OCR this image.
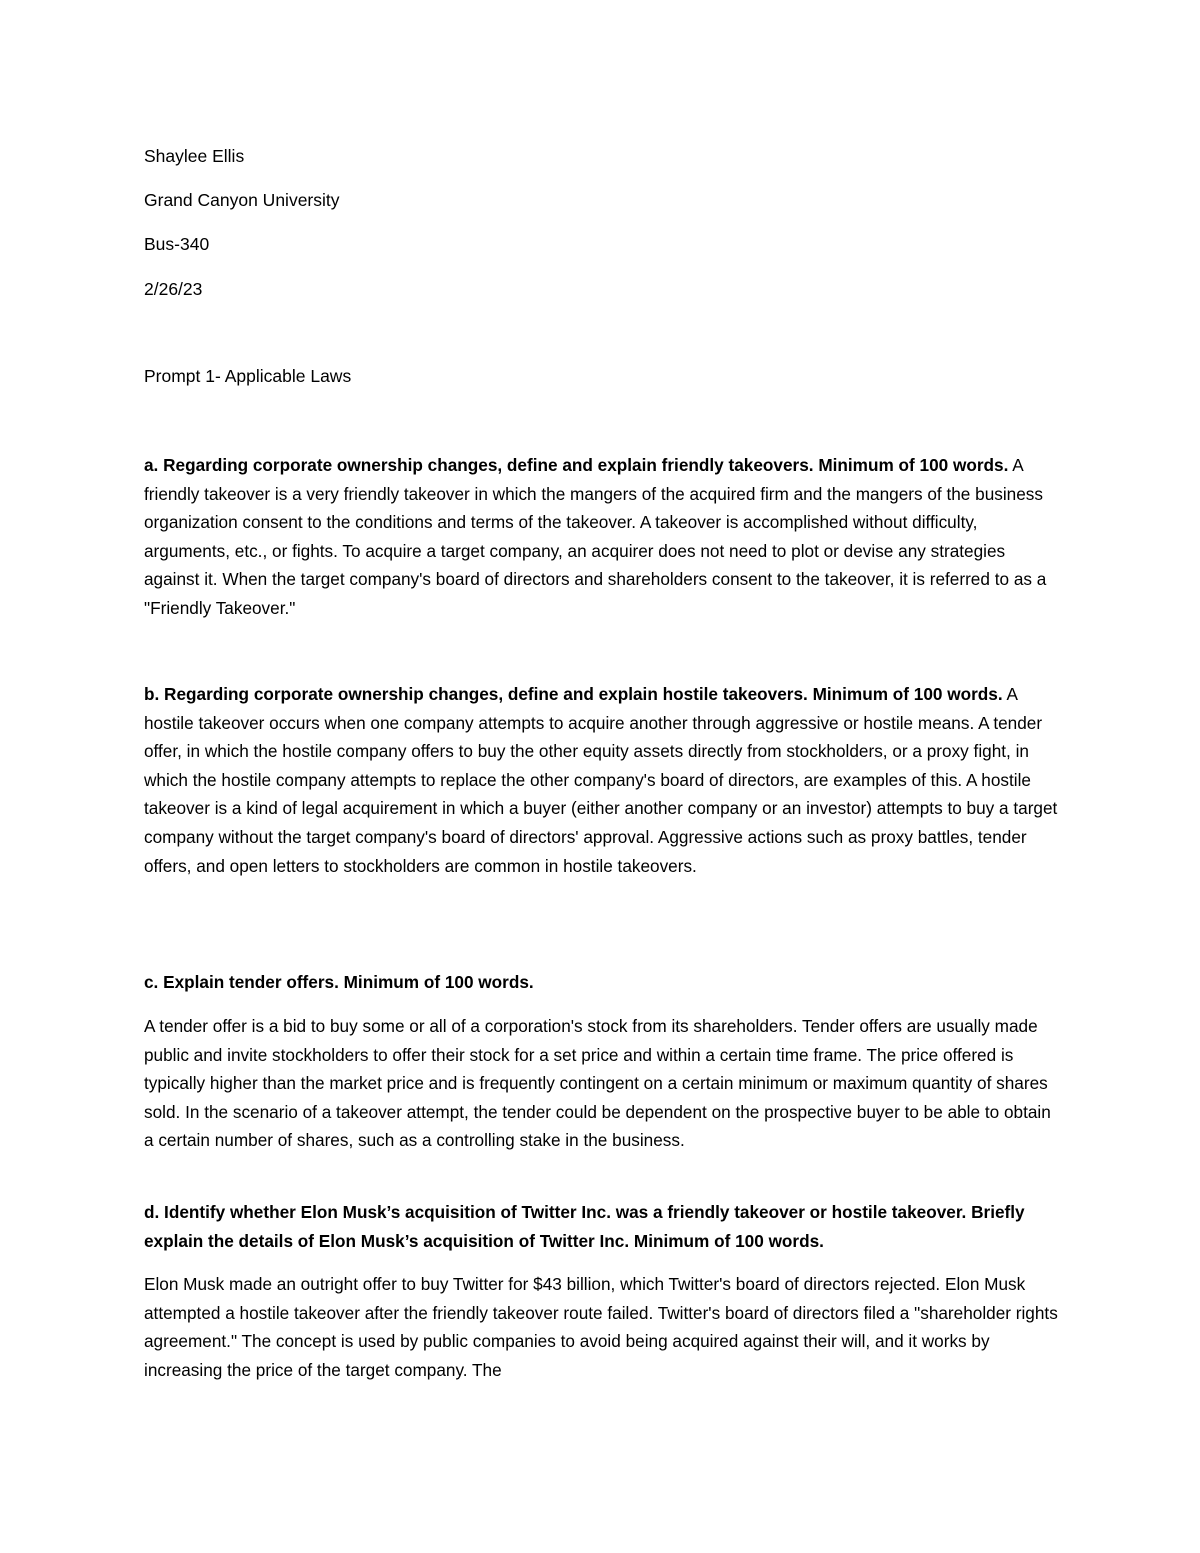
Shaylee Ellis

Grand Canyon University

Bus-340

2/26/23

Prompt 1- Applicable Laws

a. Regarding corporate ownership changes, define and explain friendly takeovers. Minimum of 100 words. A friendly takeover is a very friendly takeover in which the mangers of the acquired firm and the mangers of the business organization consent to the conditions and terms of the takeover. A takeover is accomplished without difficulty, arguments, etc., or fights. To acquire a target company, an acquirer does not need to plot or devise any strategies against it. When the target company's board of directors and shareholders consent to the takeover, it is referred to as a "Friendly Takeover."

b. Regarding corporate ownership changes, define and explain hostile takeovers. Minimum of 100 words. A hostile takeover occurs when one company attempts to acquire another through aggressive or hostile means. A tender offer, in which the hostile company offers to buy the other equity assets directly from stockholders, or a proxy fight, in which the hostile company attempts to replace the other company's board of directors, are examples of this. A hostile takeover is a kind of legal acquirement in which a buyer (either another company or an investor) attempts to buy a target company without the target company's board of directors' approval. Aggressive actions such as proxy battles, tender offers, and open letters to stockholders are common in hostile takeovers.

c. Explain tender offers. Minimum of 100 words.

A tender offer is a bid to buy some or all of a corporation's stock from its shareholders. Tender offers are usually made public and invite stockholders to offer their stock for a set price and within a certain time frame. The price offered is typically higher than the market price and is frequently contingent on a certain minimum or maximum quantity of shares sold. In the scenario of a takeover attempt, the tender could be dependent on the prospective buyer to be able to obtain a certain number of shares, such as a controlling stake in the business.

d. Identify whether Elon Musk’s acquisition of Twitter Inc. was a friendly takeover or hostile takeover. Briefly explain the details of Elon Musk’s acquisition of Twitter Inc. Minimum of 100 words.

Elon Musk made an outright offer to buy Twitter for $43 billion, which Twitter's board of directors rejected. Elon Musk attempted a hostile takeover after the friendly takeover route failed. Twitter's board of directors filed a "shareholder rights agreement." The concept is used by public companies to avoid being acquired against their will, and it works by increasing the price of the target company. The
